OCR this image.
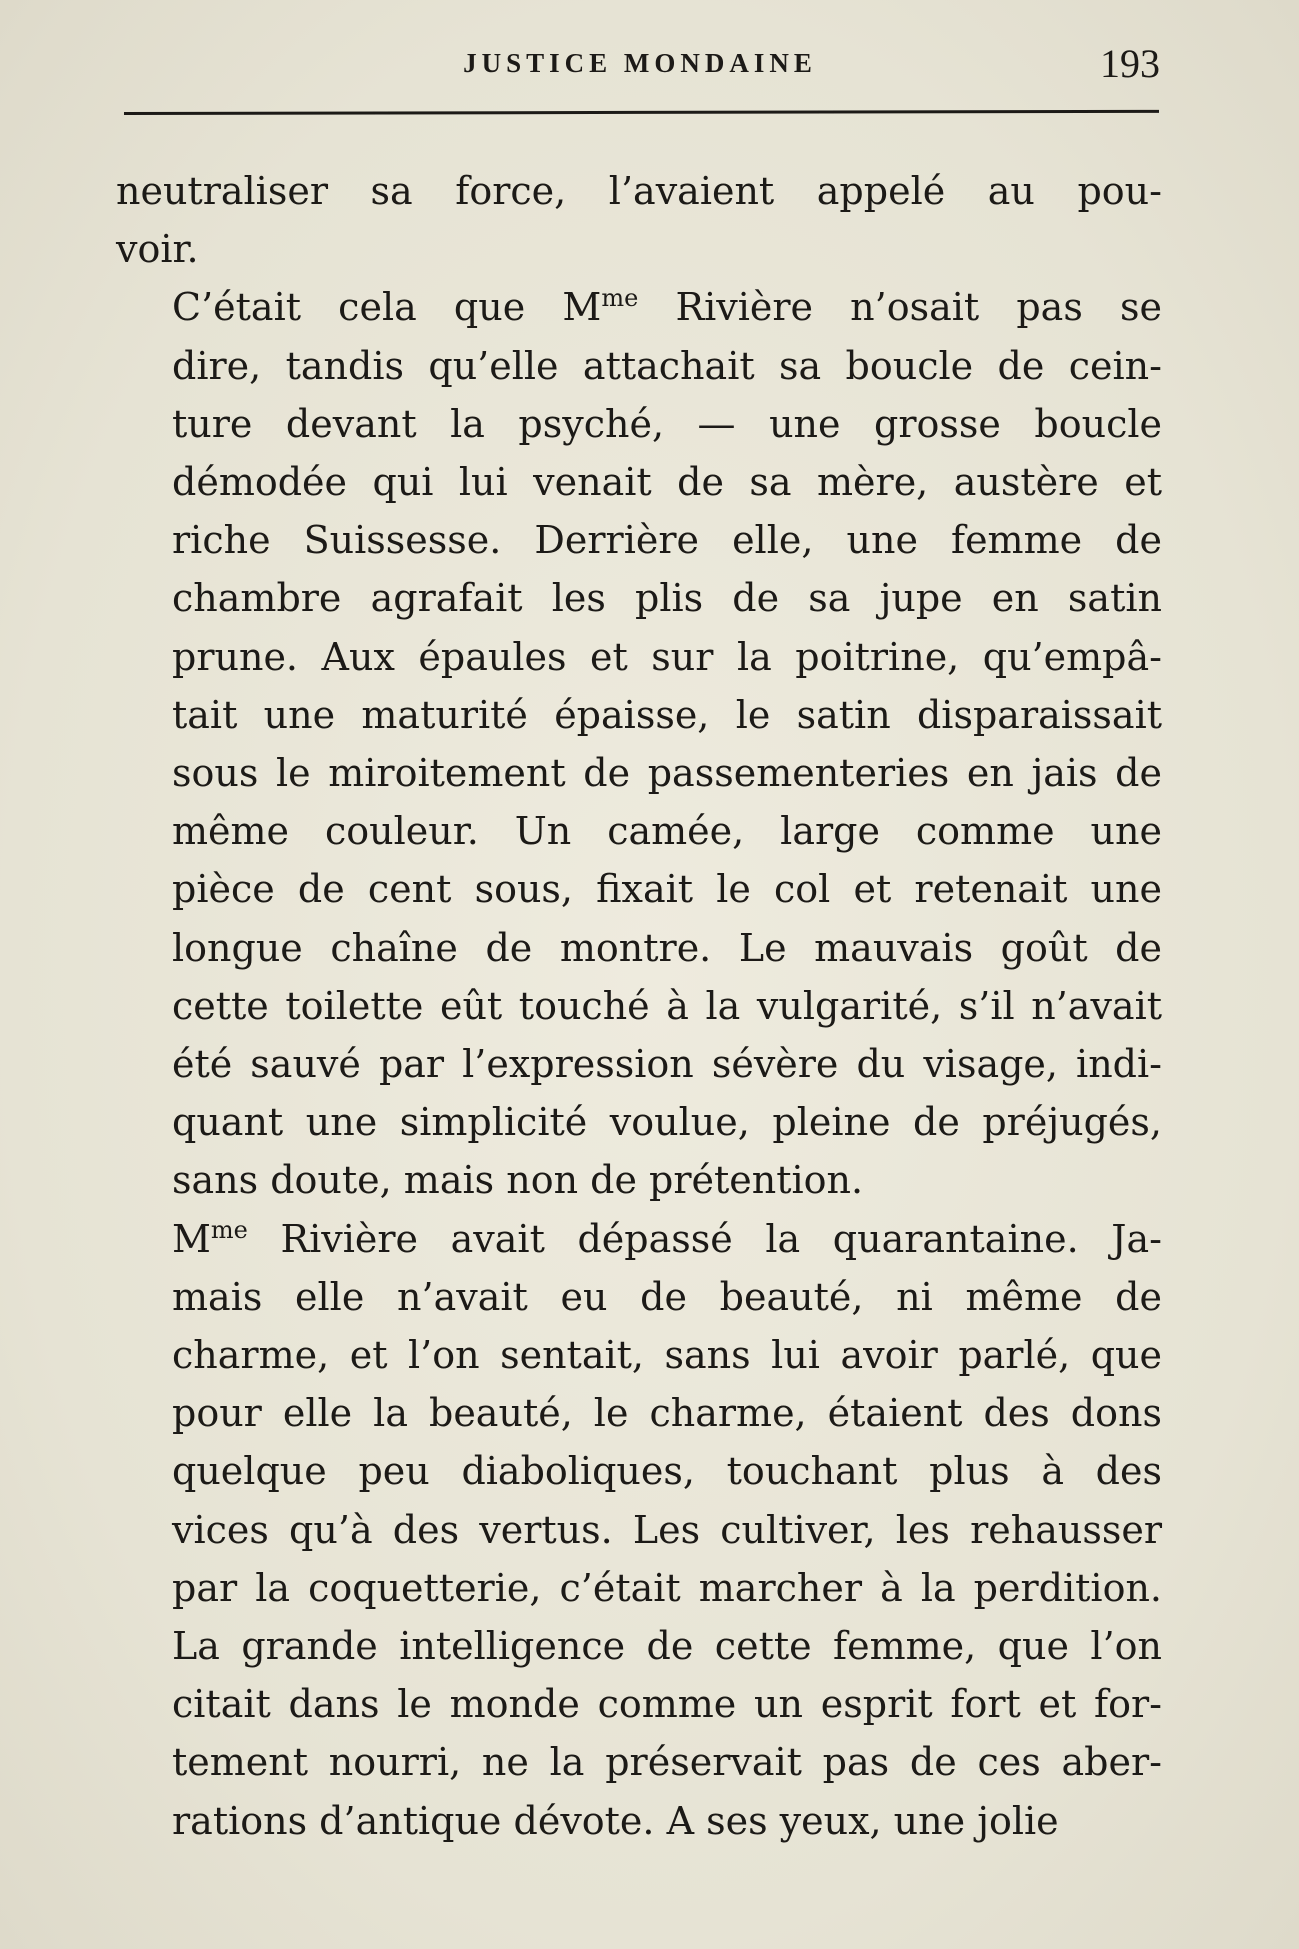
JUSTICE MONDAINE	193

neutraliser sa force, l’avaient appelé au pou-
voir.

C’était cela que $M^{me}$ Rivière n’osait pas se
dire, tandis qu’elle attachait sa boucle de cein-
ture devant la psyché, — une grosse boucle
démodée qui lui venait de sa mère, austère et
riche Suissesse. Derrière elle, une femme de
chambre agrafait les plis de sa jupe en satin
prune. Aux épaules et sur la poitrine, qu’empâ-
tait une maturité épaisse, le satin disparaissait
sous le miroitement de passementeries en jais de
même couleur. Un camée, large comme une
pièce de cent sous, fixait le col et retenait une
longue chaîne de montre. Le mauvais goût de
cette toilette eût touché à la vulgarité, s’il n’avait
été sauvé par l’expression sévère du visage, indi-
quant une simplicité voulue, pleine de préjugés,
sans doute, mais non de prétention.

$M^{me}$ Rivière avait dépassé la quarantaine. Ja-
mais elle n’avait eu de beauté, ni même de
charme, et l’on sentait, sans lui avoir parlé, que
pour elle la beauté, le charme, étaient des dons
quelque peu diaboliques, touchant plus à des
vices qu’à des vertus. Les cultiver, les rehausser
par la coquetterie, c’était marcher à la perdition.
La grande intelligence de cette femme, que l’on
citait dans le monde comme un esprit fort et for-
tement nourri, ne la préservait pas de ces aber-
rations d’antique dévote. A ses yeux, une jolie
